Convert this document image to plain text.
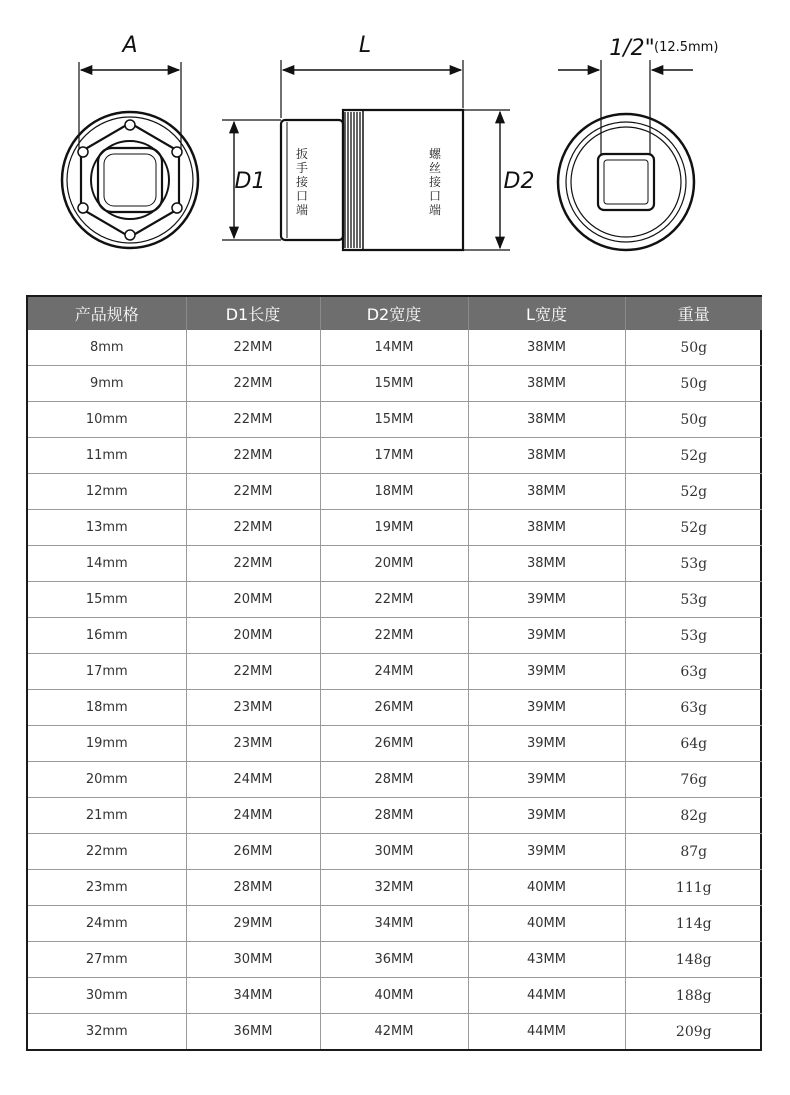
A	L
D1	D2
扳
手
接
口
端
螺
丝
接
口
端
1/2" (12.5mm)
产品规格	D1长度	D2宽度	L宽度	重量
8mm	22MM	14MM	38MM	50g
9mm	22MM	15MM	38MM	50g
10mm	22MM	15MM	38MM	50g
11mm	22MM	17MM	38MM	52g
12mm	22MM	18MM	38MM	52g
13mm	22MM	19MM	38MM	52g
14mm	22MM	20MM	38MM	53g
15mm	20MM	22MM	39MM	53g
16mm	20MM	22MM	39MM	53g
17mm	22MM	24MM	39MM	63g
18mm	23MM	26MM	39MM	63g
19mm	23MM	26MM	39MM	64g
20mm	24MM	28MM	39MM	76g
21mm	24MM	28MM	39MM	82g
22mm	26MM	30MM	39MM	87g
23mm	28MM	32MM	40MM	111g
24mm	29MM	34MM	40MM	114g
27mm	30MM	36MM	43MM	148g
30mm	34MM	40MM	44MM	188g
32mm	36MM	42MM	44MM	209g
